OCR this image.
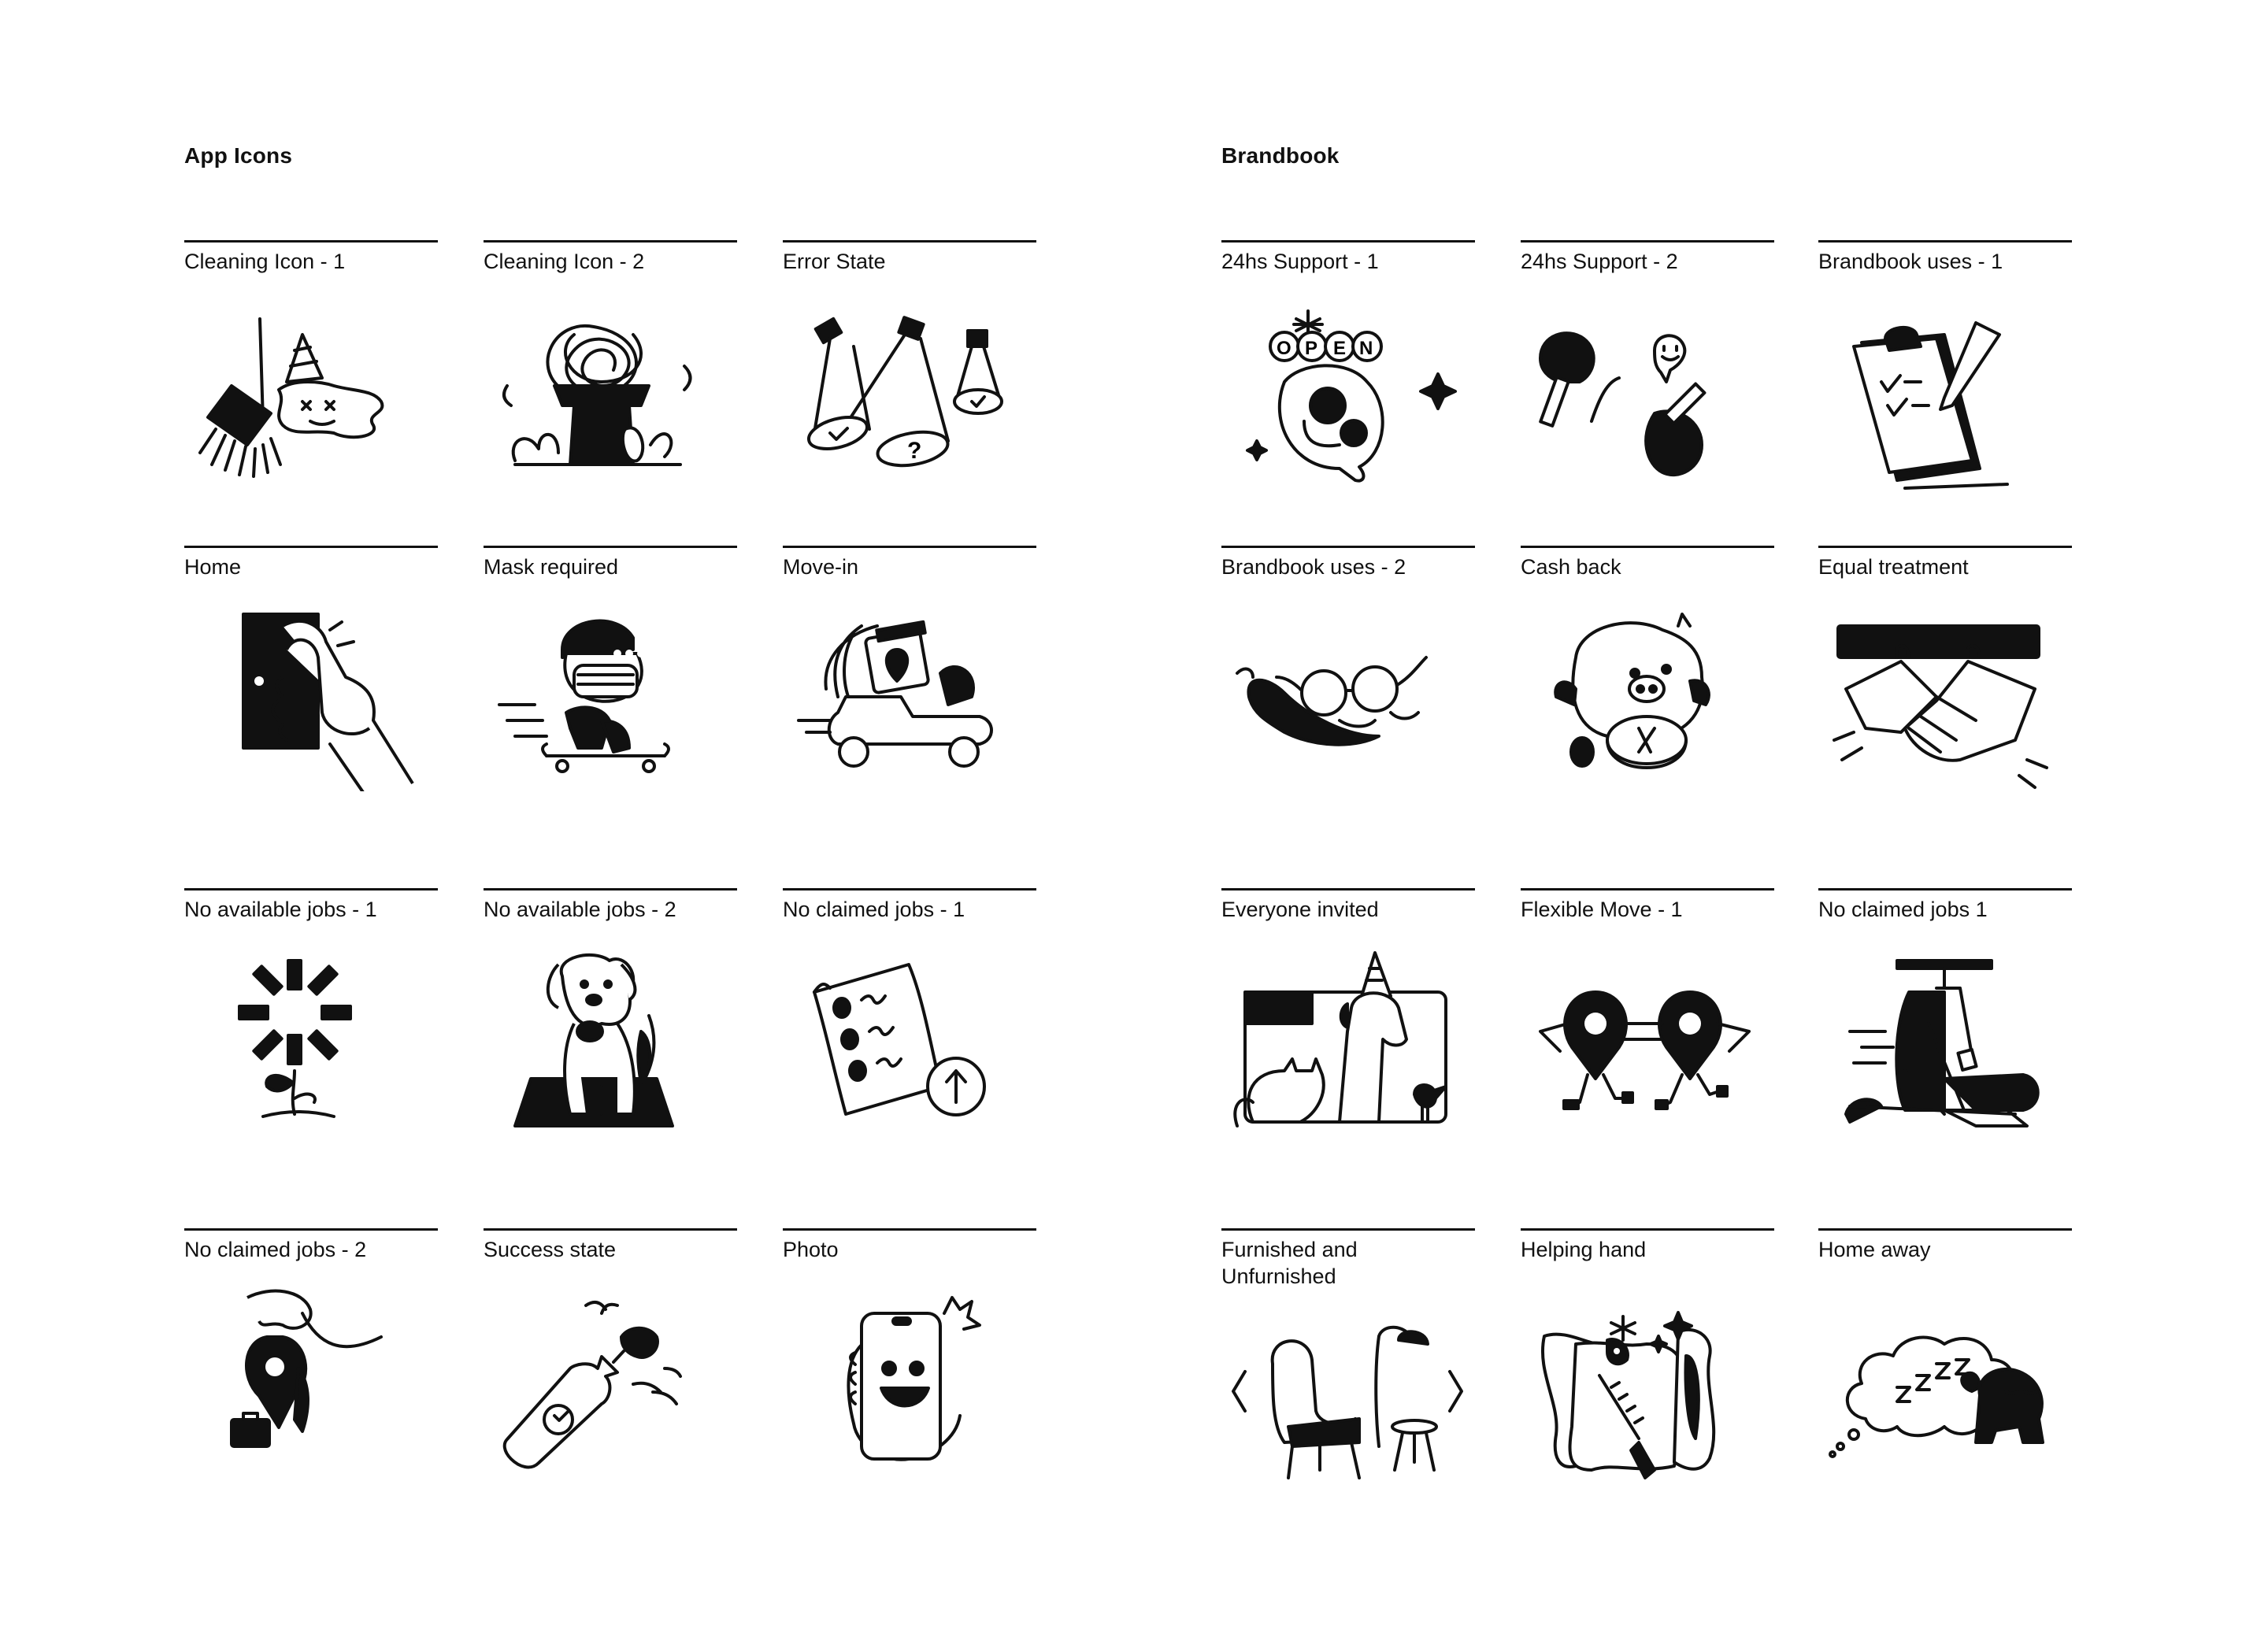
App Icons	Brandbook
Cleaning Icon - 1	Cleaning Icon - 2	Error State
?
Home	Mask required	Move-in
No available jobs - 1	No available jobs - 2	No claimed jobs - 1
No claimed jobs - 2	Success state	Photo
24hs Support - 1
O P E N
24hs Support - 2	Brandbook uses - 1
Brandbook uses - 2	Cash back	Equal treatment
Everyone invited	Flexible Move - 1	No claimed jobs 1
Furnished and
Unfurnished
Helping hand	Home away
